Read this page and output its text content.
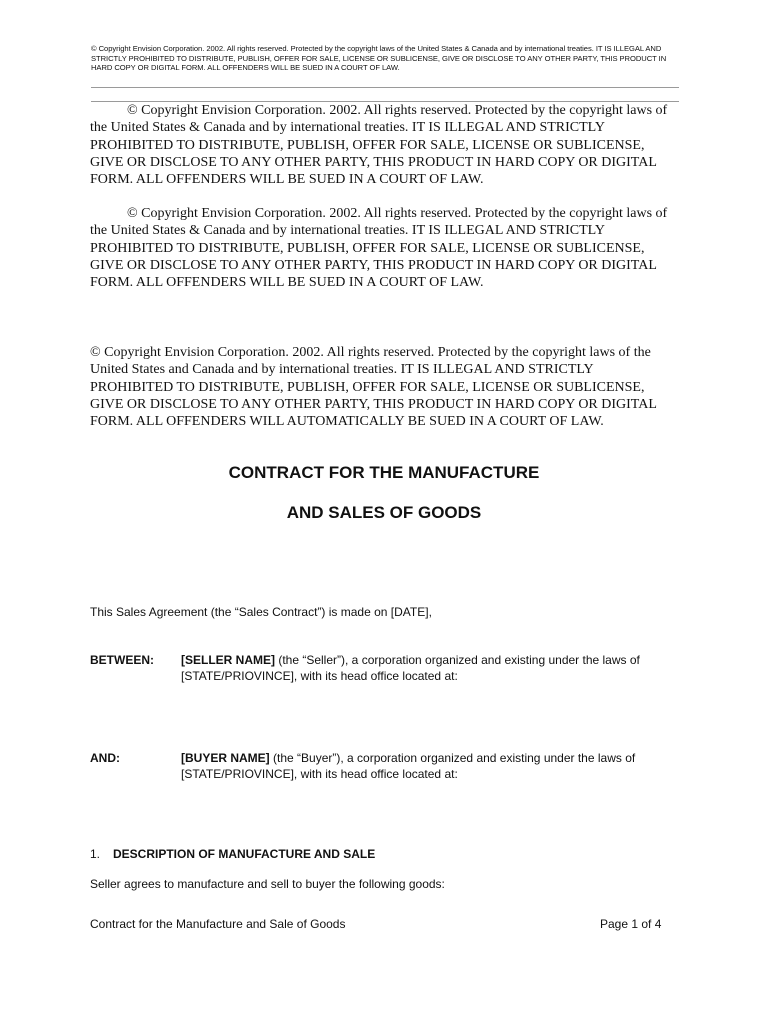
© Copyright Envision Corporation. 2002. All rights reserved. Protected by the copyright laws of the United States & Canada and by international treaties. IT IS ILLEGAL AND STRICTLY PROHIBITED TO DISTRIBUTE, PUBLISH, OFFER FOR SALE, LICENSE OR SUBLICENSE, GIVE OR DISCLOSE TO ANY OTHER PARTY, THIS PRODUCT IN HARD COPY OR DIGITAL FORM. ALL OFFENDERS WILL BE SUED IN A COURT OF LAW.

© Copyright Envision Corporation. 2002. All rights reserved. Protected by the copyright laws of the United States & Canada and by international treaties. IT IS ILLEGAL AND STRICTLY PROHIBITED TO DISTRIBUTE, PUBLISH, OFFER FOR SALE, LICENSE OR SUBLICENSE, GIVE OR DISCLOSE TO ANY OTHER PARTY, THIS PRODUCT IN HARD COPY OR DIGITAL FORM. ALL OFFENDERS WILL BE SUED IN A COURT OF LAW.

© Copyright Envision Corporation. 2002. All rights reserved. Protected by the copyright laws of the United States & Canada and by international treaties. IT IS ILLEGAL AND STRICTLY PROHIBITED TO DISTRIBUTE, PUBLISH, OFFER FOR SALE, LICENSE OR SUBLICENSE, GIVE OR DISCLOSE TO ANY OTHER PARTY, THIS PRODUCT IN HARD COPY OR DIGITAL FORM. ALL OFFENDERS WILL BE SUED IN A COURT OF LAW.

© Copyright Envision Corporation. 2002. All rights reserved. Protected by the copyright laws of the United States and Canada and by international treaties. IT IS ILLEGAL AND STRICTLY PROHIBITED TO DISTRIBUTE, PUBLISH, OFFER FOR SALE, LICENSE OR SUBLICENSE, GIVE OR DISCLOSE TO ANY OTHER PARTY, THIS PRODUCT IN HARD COPY OR DIGITAL FORM. ALL OFFENDERS WILL AUTOMATICALLY BE SUED IN A COURT OF LAW.

CONTRACT FOR THE MANUFACTURE
AND SALES OF GOODS

This Sales Agreement (the “Sales Contract”) is made on [DATE],

BETWEEN: [SELLER NAME] (the “Seller”), a corporation organized and existing under the laws of [STATE/PRIOVINCE], with its head office located at:

AND:	[BUYER NAME] (the “Buyer”), a corporation organized and existing under the laws of [STATE/PRIOVINCE], with its head office located at:

1. DESCRIPTION OF MANUFACTURE AND SALE

Seller agrees to manufacture and sell to buyer the following goods:

Contract for the Manufacture and Sale of Goods	Page 1 of 4
